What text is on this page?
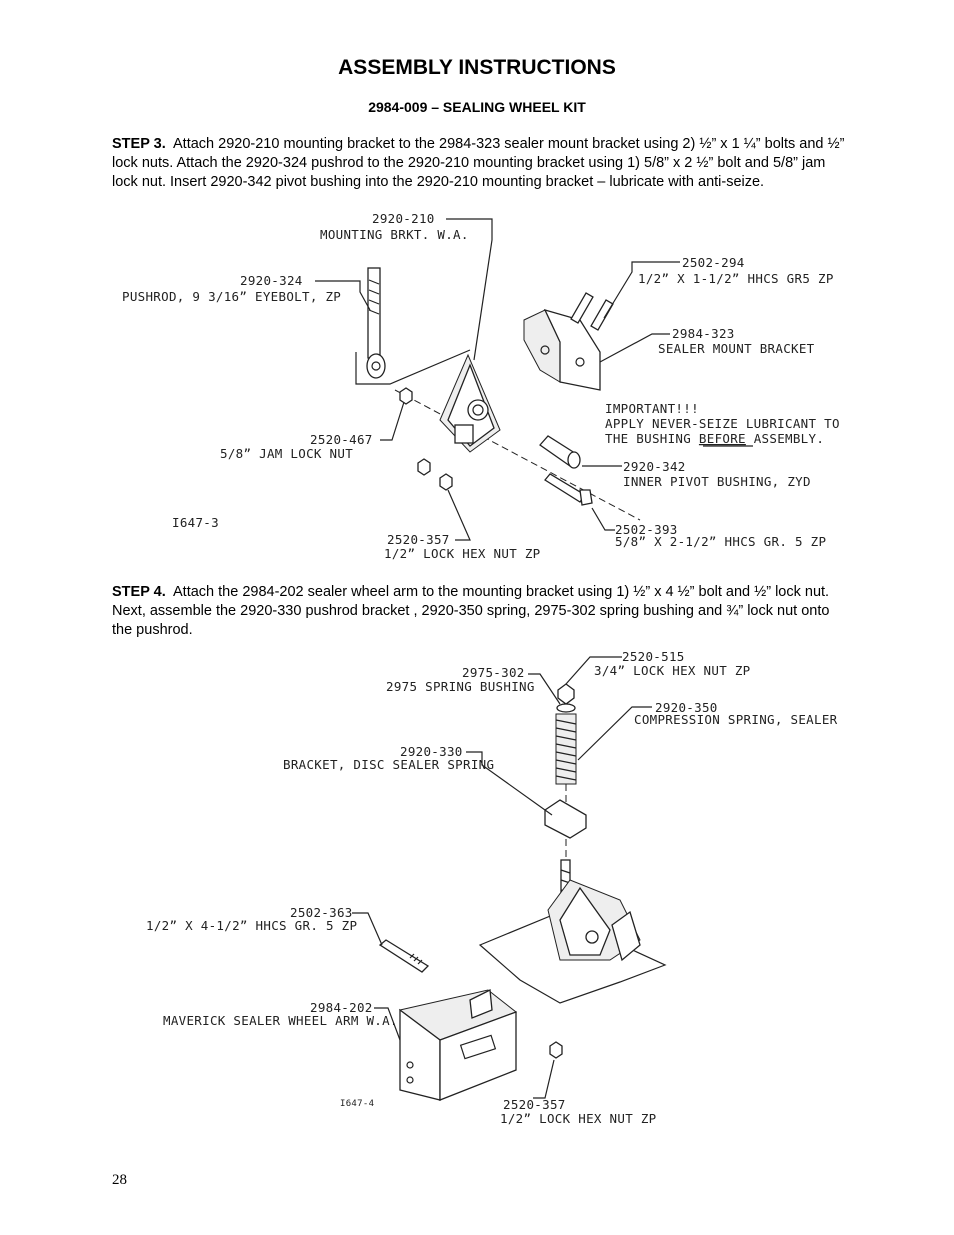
ASSEMBLY INSTRUCTIONS
2984-009 – SEALING WHEEL KIT
STEP 3. Attach 2920-210 mounting bracket to the 2984-323 sealer mount bracket using 2) ½” x 1 ¼” bolts and ½” lock nuts. Attach the 2920-324 pushrod to the 2920-210 mounting bracket using 1) 5/8” x 2 ½” bolt and 5/8” jam lock nut. Insert 2920-342 pivot bushing into the 2920-210 mounting bracket – lubricate with anti-seize.
2920-210
MOUNTING BRKT. W.A.
2920-324
PUSHROD, 9 3/16” EYEBOLT, ZP
2502-294
1/2” X 1-1/2” HHCS GR5 ZP
2984-323
SEALER MOUNT BRACKET
IMPORTANT!!!
APPLY NEVER-SEIZE LUBRICANT TO
THE BUSHING BEFORE ASSEMBLY.
2520-467
5/8” JAM LOCK NUT
2920-342
INNER PIVOT BUSHING, ZYD
I647-3	2502-393
5/8” X 2-1/2” HHCS GR. 5 ZP
2520-357
1/2” LOCK HEX NUT ZP
STEP 4. Attach the 2984-202 sealer wheel arm to the mounting bracket using 1) ½” x 4 ½” bolt and ½” lock nut. Next, assemble the 2920-330 pushrod bracket , 2920-350 spring, 2975-302 spring bushing and ¾” lock nut onto the pushrod.
2520-515
3/4” LOCK HEX NUT ZP
2975-302
2975 SPRING BUSHING
2920-350
COMPRESSION SPRING, SEALER
2920-330
BRACKET, DISC SEALER SPRING
2502-363
1/2” X 4-1/2” HHCS GR. 5 ZP
2984-202
MAVERICK SEALER WHEEL ARM W.A.
I647-4	2520-357
1/2” LOCK HEX NUT ZP
28
